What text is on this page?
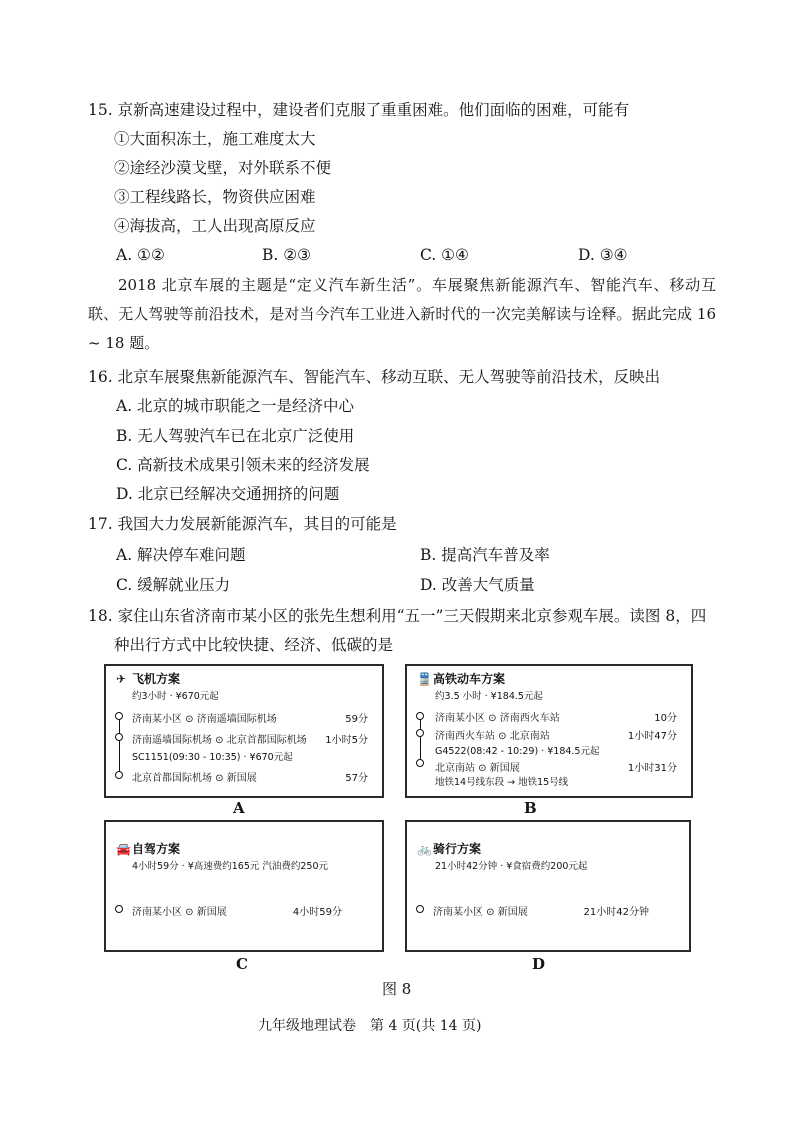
15. 京新高速建设过程中，建设者们克服了重重困难。他们面临的困难，可能有
①大面积冻土，施工难度太大
②途经沙漠戈壁，对外联系不便
③工程线路长，物资供应困难
④海拔高，工人出现高原反应
A. ①②	B. ②③	C. ①④	D. ③④
2018 北京车展的主题是“定义汽车新生活”。车展聚焦新能源汽车、智能汽车、移动互联、无人驾驶等前沿技术，是对当今汽车工业进入新时代的一次完美解读与诠释。据此完成 16 ~ 18 题。
16. 北京车展聚焦新能源汽车、智能汽车、移动互联、无人驾驶等前沿技术，反映出
A. 北京的城市职能之一是经济中心
B. 无人驾驶汽车已在北京广泛使用
C. 高新技术成果引领未来的经济发展
D. 北京已经解决交通拥挤的问题
17. 我国大力发展新能源汽车，其目的可能是
A. 解决停车难问题	B. 提高汽车普及率
C. 缓解就业压力	D. 改善大气质量
18. 家住山东省济南市某小区的张先生想利用“五一”三天假期来北京参观车展。读图 8，四
种出行方式中比较快捷、经济、低碳的是
✈ 飞机方案
约3小时 · ¥670元起
济南某小区 ⊙ 济南遥墙国际机场	59分
济南遥墙国际机场 ⊙ 北京首都国际机场 1小时5分
SC1151(09:30 - 10:35) · ¥670元起
北京首都国际机场 ⊙ 新国展	57分
A
🚆高铁动车方案
约3.5 小时 · ¥184.5元起
济南某小区 ⊙ 济南西火车站	10分
济南西火车站 ⊙ 北京南站	1小时47分
G4522(08:42 - 10:29) · ¥184.5元起
北京南站 ⊙ 新国展	1小时31分
地铁14号线东段 → 地铁15号线
B
🚘自驾方案
4小时59分 · ¥高速费约165元 汽油费约250元
济南某小区 ⊙ 新国展	4小时59分
C
🚲骑行方案
21小时42分钟 · ¥食宿费约200元起
济南某小区 ⊙ 新国展	21小时42分钟
D
图 8
九年级地理试卷　第 4 页(共 14 页)
